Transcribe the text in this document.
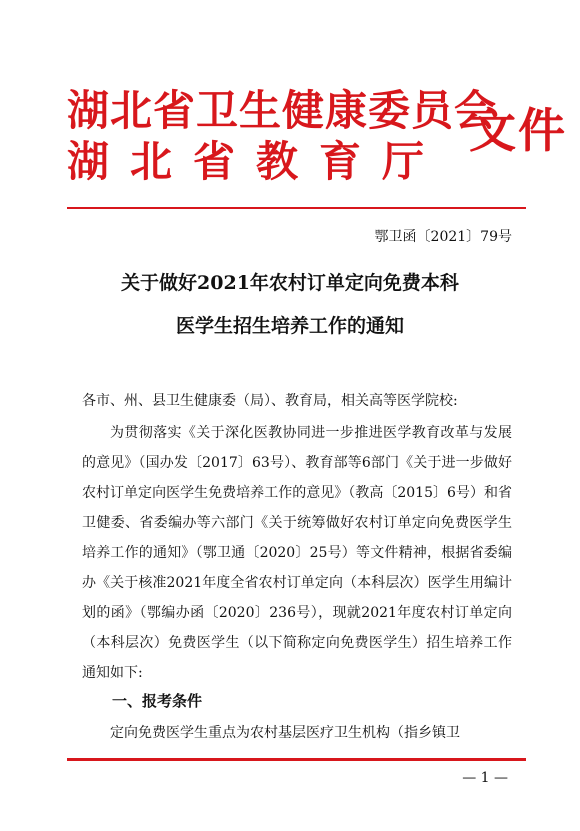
湖北省卫生健康委员会
湖北省教育厅
文件
鄂卫函〔2021〕79号
关于做好2021年农村订单定向免费本科
医学生招生培养工作的通知
各市、州、县卫生健康委（局）、教育局，相关高等医学院校:
为贯彻落实《关于深化医教协同进一步推进医学教育改革与发展的意见》（国办发〔2017〕63号）、教育部等6部门《关于进一步做好农村订单定向医学生免费培养工作的意见》（教高〔2015〕6号）和省卫健委、省委编办等六部门《关于统筹做好农村订单定向免费医学生培养工作的通知》（鄂卫通〔2020〕25号）等文件精神，根据省委编办《关于核准2021年度全省农村订单定向（本科层次）医学生用编计划的函》（鄂编办函〔2020〕236号），现就2021年度农村订单定向（本科层次）免费医学生（以下简称定向免费医学生）招生培养工作通知如下:
一、报考条件
定向免费医学生重点为农村基层医疗卫生机构（指乡镇卫
— 1 —
